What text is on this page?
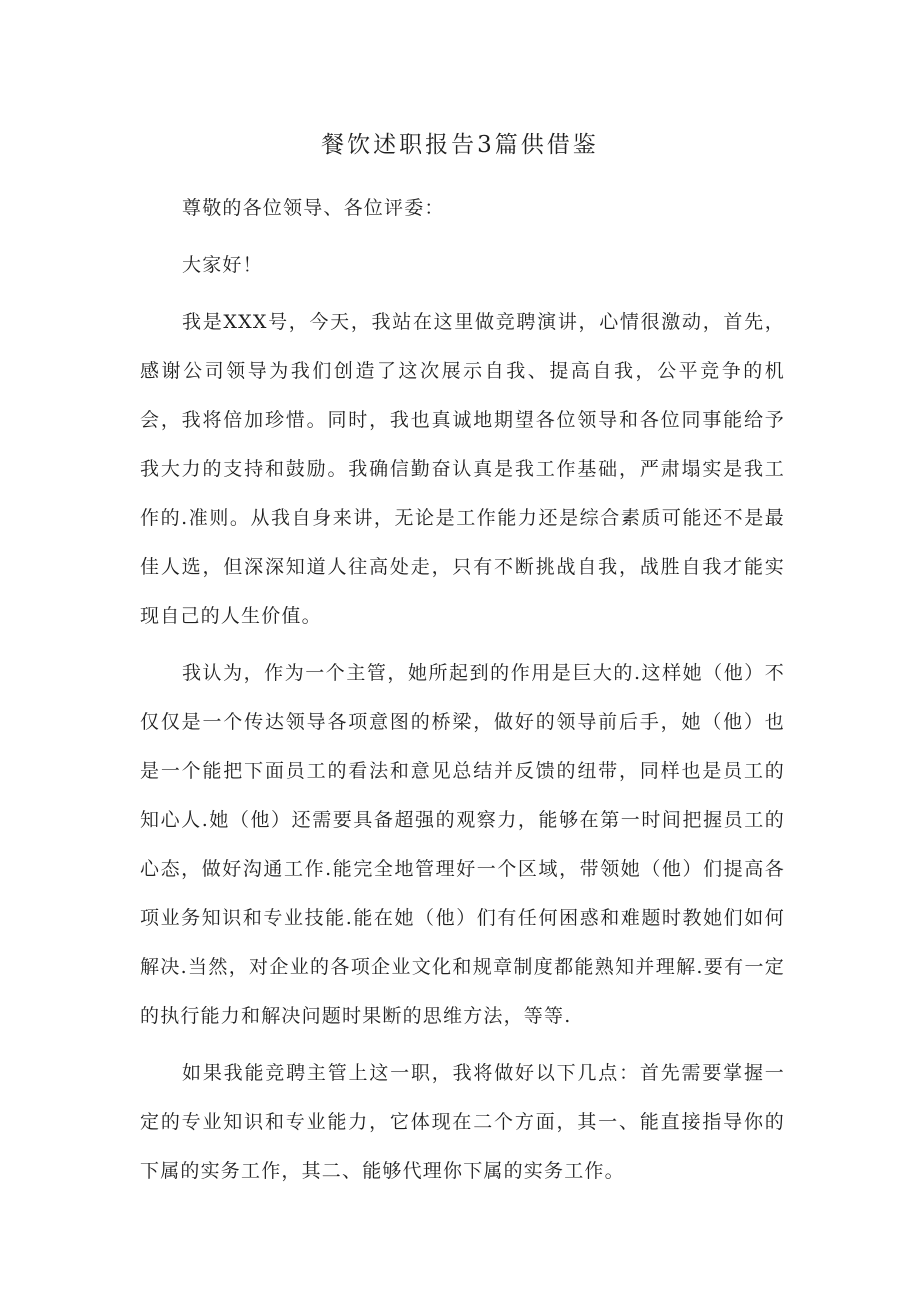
餐饮述职报告3篇供借鉴

尊敬的各位领导、各位评委：

大家好！

我是XXX号，今天，我站在这里做竞聘演讲，心情很激动，首先，感谢公司领导为我们创造了这次展示自我、提高自我，公平竞争的机会，我将倍加珍惜。同时，我也真诚地期望各位领导和各位同事能给予我大力的支持和鼓励。我确信勤奋认真是我工作基础，严肃塌实是我工作的.准则。从我自身来讲，无论是工作能力还是综合素质可能还不是最佳人选，但深深知道人往高处走，只有不断挑战自我，战胜自我才能实现自己的人生价值。

我认为，作为一个主管，她所起到的作用是巨大的.这样她（他）不仅仅是一个传达领导各项意图的桥梁，做好的领导前后手，她（他）也是一个能把下面员工的看法和意见总结并反馈的纽带，同样也是员工的知心人.她（他）还需要具备超强的观察力，能够在第一时间把握员工的心态，做好沟通工作.能完全地管理好一个区域，带领她（他）们提高各项业务知识和专业技能.能在她（他）们有任何困惑和难题时教她们如何解决.当然，对企业的各项企业文化和规章制度都能熟知并理解.要有一定的执行能力和解决问题时果断的思维方法，等等.

如果我能竞聘主管上这一职，我将做好以下几点：首先需要掌握一定的专业知识和专业能力，它体现在二个方面，其一、能直接指导你的下属的实务工作，其二、能够代理你下属的实务工作。
